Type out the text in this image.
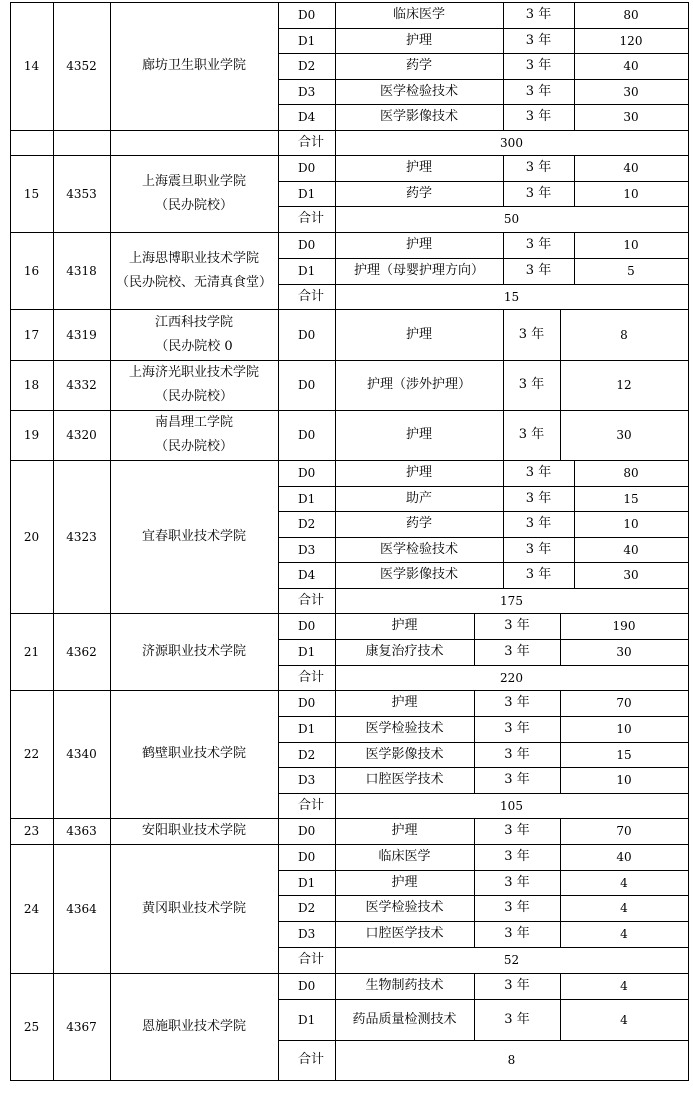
14	4352	廊坊卫生职业学院
D0	临床医学	3 年	80
D1	护理	3 年	120
D2	药学	3 年	40
D3	医学检验技术	3 年	30
D4	医学影像技术	3 年	30
合计	300
15	4353
上海震旦职业学院
（民办院校）
D0	护理	3 年	40
D1	药学	3 年	10
合计	50
16	4318
上海思博职业技术学院
（民办院校、无清真食堂）
D0	护理	3 年	10
D1	护理（母婴护理方向）	3 年	5
合计	15
17	4319
江西科技学院
（民办院校 0
D0	护理	3 年	8
18	4332
上海济光职业技术学院
（民办院校）
D0	护理（涉外护理）	3 年	12
19	4320
南昌理工学院
（民办院校）
D0	护理	3 年	30
20	4323	宜春职业技术学院
D0	护理	3 年	80
D1	助产	3 年	15
D2	药学	3 年	10
D3	医学检验技术	3 年	40
D4	医学影像技术	3 年	30
合计	175
21	4362	济源职业技术学院
D0	护理	3 年	190
D1	康复治疗技术	3 年	30
合计	220
22	4340	鹤壁职业技术学院
D0	护理	3 年	70
D1	医学检验技术	3 年	10
D2	医学影像技术	3 年	15
D3	口腔医学技术	3 年	10
合计	105
23	4363	安阳职业技术学院	D0	护理	3 年	70
24	4364	黄冈职业技术学院
D0	临床医学	3 年	40
D1	护理	3 年	4
D2	医学检验技术	3 年	4
D3	口腔医学技术	3 年	4
合计	52
25	4367	恩施职业技术学院
D0	生物制药技术	3 年	4
D1	药品质量检测技术	3 年	4
合计	8
